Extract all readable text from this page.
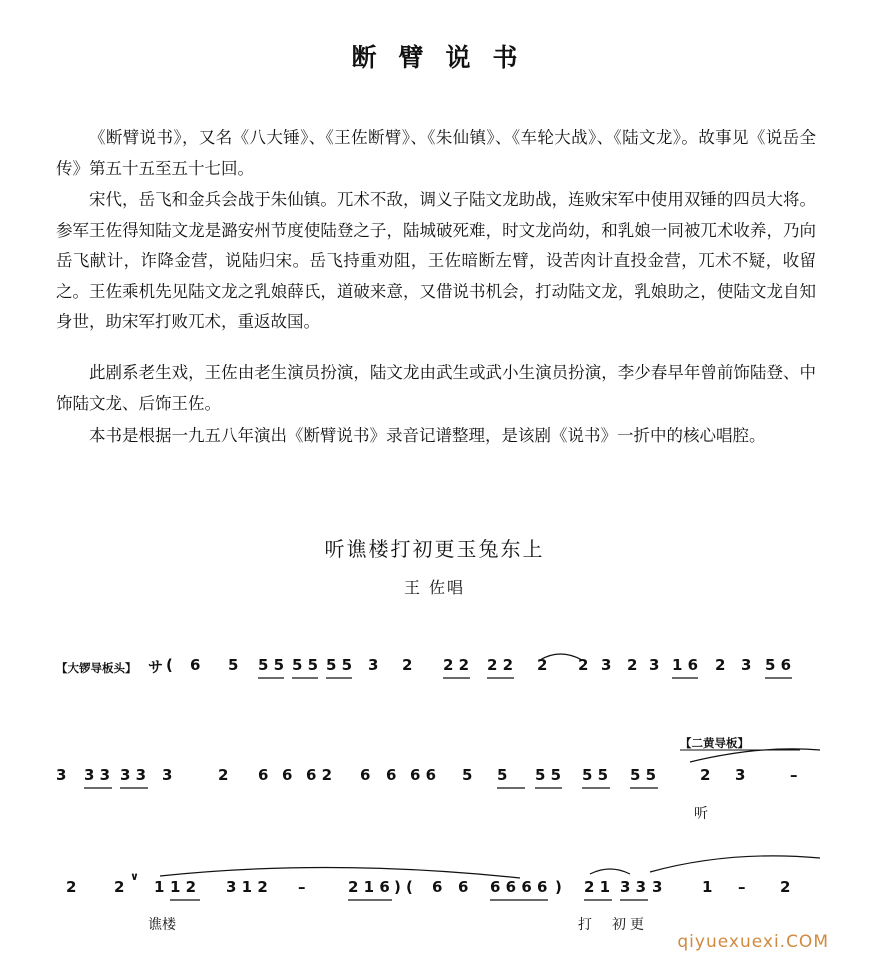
断臂说书
《断臂说书》，又名《八大锤》、《王佐断臂》、《朱仙镇》、《车轮大战》、《陆文龙》。故事见《说岳全传》第五十五至五十七回。
宋代，岳飞和金兵会战于朱仙镇。兀术不敌，调义子陆文龙助战，连败宋军中使用双锤的四员大将。参军王佐得知陆文龙是潞安州节度使陆登之子，陆城破死难，时文龙尚幼，和乳娘一同被兀术收养，乃向岳飞献计，诈降金营，说陆归宋。岳飞持重劝阻，王佐暗断左臂，设苦肉计直投金营，兀术不疑，收留之。王佐乘机先见陆文龙之乳娘薛氏，道破来意，又借说书机会，打动陆文龙，乳娘助之，使陆文龙自知身世，助宋军打败兀术，重返故国。
此剧系老生戏，王佐由老生演员扮演，陆文龙由武生或武小生演员扮演，李少春早年曾前饰陆登、中饰陆文龙、后饰王佐。
本书是根据一九五八年演出《断臂说书》录音记谱整理，是该剧《说书》一折中的核心唱腔。
听谯楼打初更玉兔东上
王 佐唱
【大锣导板头】 サ ( 6 5 5 5 5 5 5 5 3 2 2 2 2 2 2 2 3 2 3 1 6 2 3 5 6
【二黄导板】
3 3 3 3 3 3	2 6 6 6 2 6 6 6 6 5 5 5 5 5 5 5 5	2 3	–
听
2	2
∨
1 1 2 3 1 2 –	2 1 6 ) ( 6 6 6 6 6 6 ) 2 1 3 3 3	1 – 2
谯楼	打 初更
qiyuexuexi.COM
